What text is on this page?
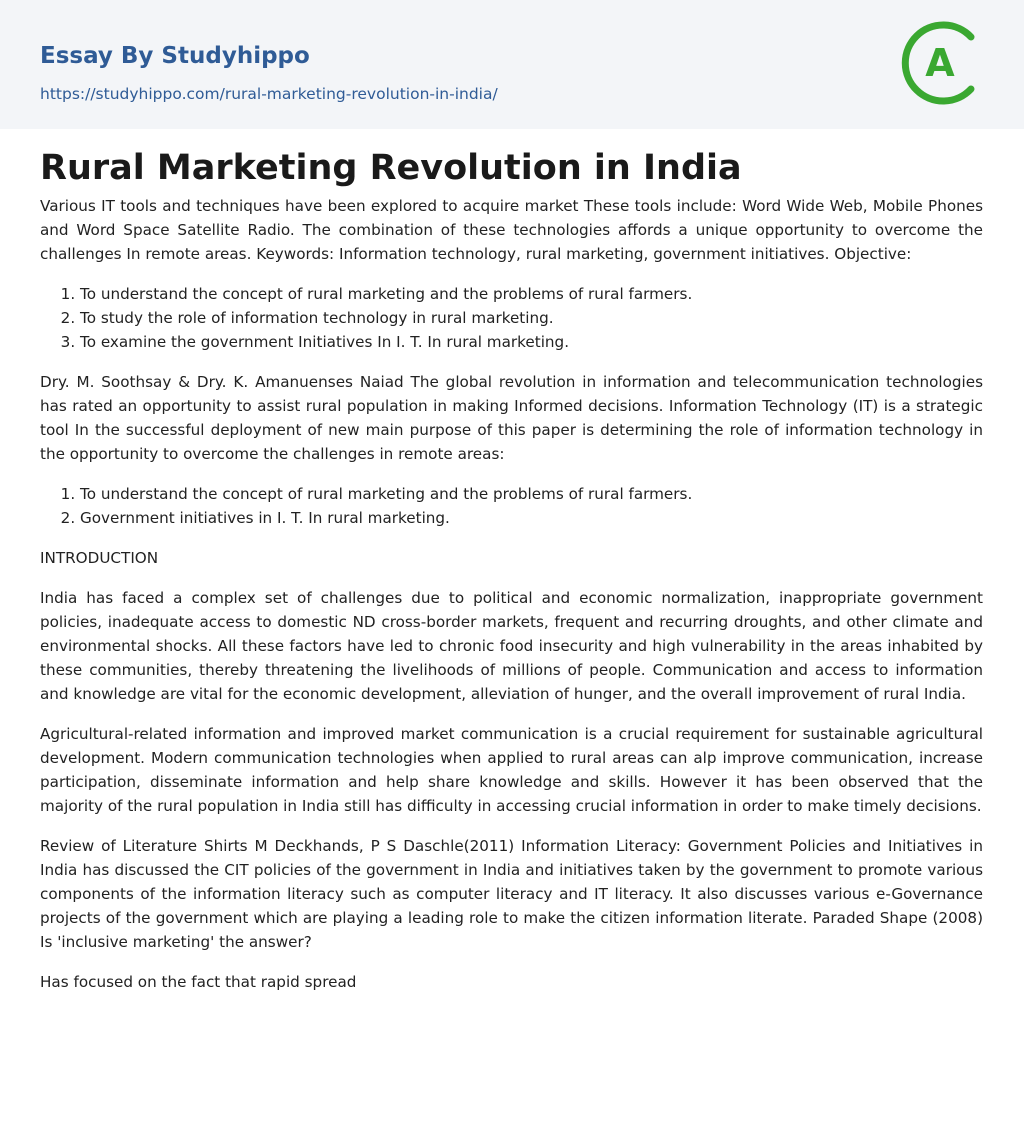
Essay By Studyhippo
https://studyhippo.com/rural-marketing-revolution-in-india/
A
Rural Marketing Revolution in India

Various IT tools and techniques have been explored to acquire market These tools include: Word Wide Web, Mobile Phones and Word Space Satellite Radio. The combination of these technologies affords a unique opportunity to overcome the challenges In remote areas. Keywords: Information technology, rural marketing, government initiatives. Objective:

1. To understand the concept of rural marketing and the problems of rural farmers.
2. To study the role of information technology in rural marketing.
3. To examine the government Initiatives In I. T. In rural marketing.

Dry. M. Soothsay & Dry. K. Amanuenses Naiad The global revolution in information and telecommunication technologies has rated an opportunity to assist rural population in making Informed decisions. Information Technology (IT) is a strategic tool In the successful deployment of new main purpose of this paper is determining the role of information technology in the opportunity to overcome the challenges in remote areas:

1. To understand the concept of rural marketing and the problems of rural farmers.
2. Government initiatives in I. T. In rural marketing.

INTRODUCTION

India has faced a complex set of challenges due to political and economic normalization, inappropriate government policies, inadequate access to domestic ND cross-border markets, frequent and recurring droughts, and other climate and environmental shocks. All these factors have led to chronic food insecurity and high vulnerability in the areas inhabited by these communities, thereby threatening the livelihoods of millions of people. Communication and access to information and knowledge are vital for the economic development, alleviation of hunger, and the overall improvement of rural India.

Agricultural-related information and improved market communication is a crucial requirement for sustainable agricultural development. Modern communication technologies when applied to rural areas can alp improve communication, increase participation, disseminate information and help share knowledge and skills. However it has been observed that the majority of the rural population in India still has difficulty in accessing crucial information in order to make timely decisions.

Review of Literature Shirts M Deckhands, P S Daschle(2011) Information Literacy: Government Policies and Initiatives in India has discussed the CIT policies of the government in India and initiatives taken by the government to promote various components of the information literacy such as computer literacy and IT literacy. It also discusses various e-Governance projects of the government which are playing a leading role to make the citizen information literate. Paraded Shape (2008) Is 'inclusive marketing' the answer?

Has focused on the fact that rapid spread
